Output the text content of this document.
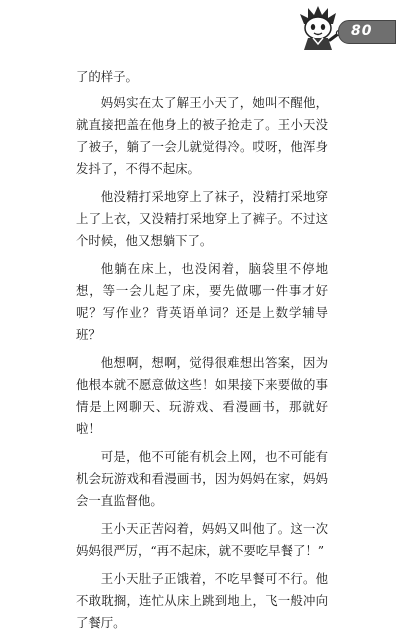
80

了的样子。

妈妈实在太了解王小天了，她叫不醒他，就直接把盖在他身上的被子抢走了。王小天没了被子，躺了一会儿就觉得冷。哎呀，他浑身发抖了，不得不起床。

他没精打采地穿上了袜子，没精打采地穿上了上衣，又没精打采地穿上了裤子。不过这个时候，他又想躺下了。

他躺在床上，也没闲着，脑袋里不停地想，等一会儿起了床，要先做哪一件事才好呢？写作业？背英语单词？还是上数学辅导班？

他想啊，想啊，觉得很难想出答案，因为他根本就不愿意做这些！如果接下来要做的事情是上网聊天、玩游戏、看漫画书，那就好啦！

可是，他不可能有机会上网，也不可能有机会玩游戏和看漫画书，因为妈妈在家，妈妈会一直监督他。

王小天正苦闷着，妈妈又叫他了。这一次妈妈很严厉，“再不起床，就不要吃早餐了！”

王小天肚子正饿着，不吃早餐可不行。他不敢耽搁，连忙从床上跳到地上，飞一般冲向了餐厅。
